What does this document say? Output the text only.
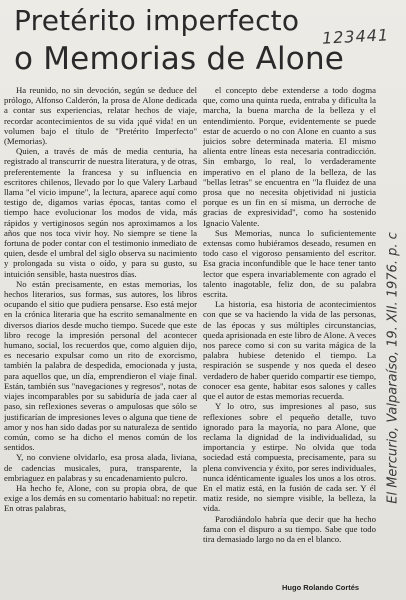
Pretérito imperfecto
o Memorias de Alone
123441

Ha reunido, no sin devoción, según se deduce del prólogo, Alfonso Calderón, la prosa de Alone dedicada a contar sus experiencias, relatar hechos de viaje, recordar acontecimientos de su vida ¡qué vida! en un volumen bajo el título de "Pretérito Imperfecto"(Memorias).

Quien, a través de más de media centuria, ha registrado al transcurrir de nuestra literatura, y de otras, preferentemente la francesa y su influencia en escritores chilenos, llevado por lo que Valery Larbaud llama "el vicio impune", la lectura, aparece aquí como testigo de, digamos varias épocas, tantas como el tiempo hace evolucionar los modos de vida, más rápidos y vertiginosos según nos aproximamos a los años que nos toca vivir hoy. No siempre se tiene la fortuna de poder contar con el testimonio inmediato de quien, desde el umbral del siglo observa su nacimiento y prolongada su vista o oído, y para su gusto, su intuición sensible, hasta nuestros días.

No están precisamente, en estas memorias, los hechos literarios, sus formas, sus autores, los libros ocupando el sitio que pudiera pensarse. Eso está mejor en la crónica literaria que ha escrito semanalmente en diversos diarios desde mucho tiempo. Sucede que este libro recoge la impresión personal del acontecer humano, social, los recuerdos que, como alguien dijo, es necesario expulsar como un rito de exorcismo, también la palabra de despedida, emocionada y justa, para aquellos que, un día, emprendieron el viaje final. Están, también sus "navegaciones y regresos", notas de viajes incomparables por su sabiduría de jada caer al paso, sin reflexiones severas o ampulosas que sólo se justificarían de impresiones leves o alguna que tiene de amor y nos han sido dadas por su naturaleza de sentido común, como se ha dicho el menos común de los sentidos.

Y, no conviene olvidarlo, esa prosa alada, liviana, de cadencias musicales, pura, transparente, la embriaguez en palabras y su encadenamiento pulcro.

Ha hecho fe, Alone, con su propia obra, de que exige a los demás en su comentario habitual: no repetir. En otras palabras,

el concepto debe extenderse a todo dogma que, como una quinta rueda, entraba y dificulta la marcha, la buena marcha de la belleza y el entendimiento. Porque, evidentemente se puede estar de acuerdo o no con Alone en cuanto a sus juicios sobre determinada materia. El mismo alienta entre líneas esta necesaria contradicción. Sin embargo, lo real, lo verdaderamente imperativo en el plano de la belleza, de las "bellas letras" se encuentra en "la fluidez de una prosa que no necesita objetividad ni justicia porque es un fin en sí misma, un derroche de gracias de expresividad", como ha sostenido Ignacio Valente.

Sus Memorias, nunca lo suficientemente extensas como hubiéramos deseado, resumen en todo caso el vigoroso pensamiento del escritor. Esa gracia inconfundible que le hace tener tanto lector que espera invariablemente con agrado el talento inagotable, feliz don, de su palabra escrita.

La historia, esa historia de acontecimientos con que se va haciendo la vida de las personas, de las épocas y sus múltiples circunstancias, queda aprisionada en este libro de Alone. A veces nos parece como si con su varita mágica de la palabra hubiese detenido el tiempo. La respiración se suspende y nos queda el deseo verdadero de haber querido compartir ese tiempo, conocer esa gente, habitar esos salones y calles que el autor de estas memorias recuerda.

Y lo otro, sus impresiones al paso, sus reflexiones sobre el pequeño detalle, tuvo ignorado para la mayoría, no para Alone, que reclama la dignidad de la individualidad, su importancia y estirpe. No olvida que toda sociedad está compuesta, precisamente, para su plena convivencia y éxito, por seres individuales, nunca idénticamente iguales los unos a los otros. En el matiz está, en la fusión de cada ser. Y él matiz reside, no siempre visible, la belleza, la vida.

Parodiándolo habría que decir que ha hecho fama con el dispuro a su tiempo. Sabe que todo tira demasiado largo no da en el blanco.

El Mercurio, Valparaíso, 19. XII. 1976. p. c
Hugo Rolando Cortés
